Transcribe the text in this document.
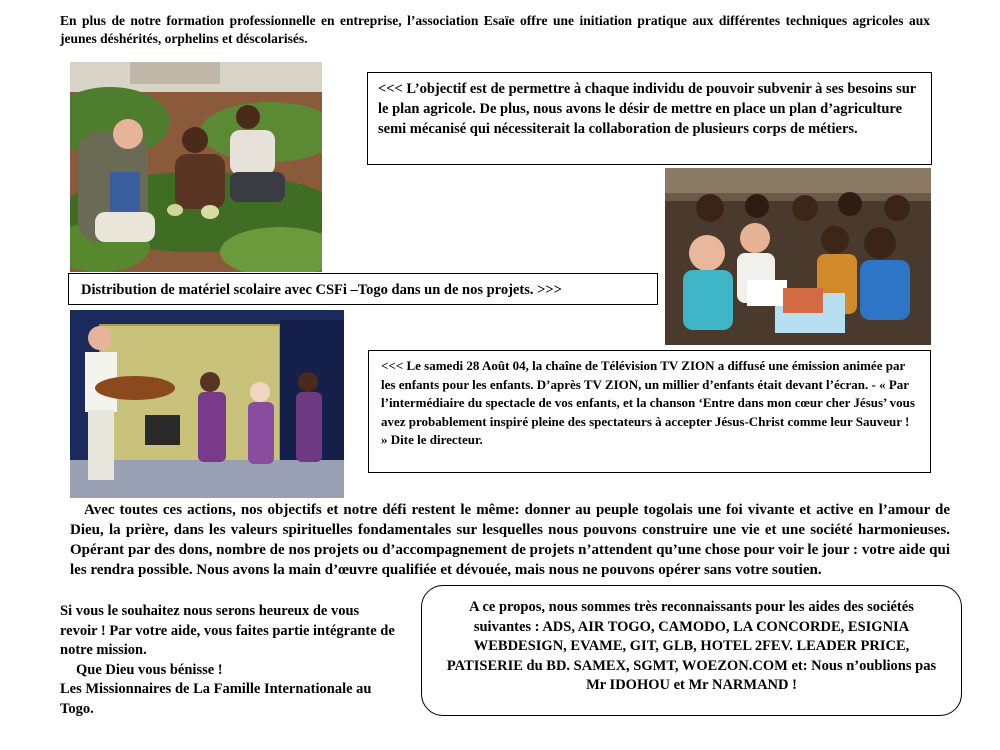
En plus de notre formation professionnelle en entreprise, l’association Esaïe offre une initiation pratique aux différentes techniques agricoles aux jeunes déshérités, orphelins et déscolarisés.
<<< L’objectif est de permettre à chaque individu de pouvoir subvenir à ses besoins sur le plan agricole. De plus, nous avons le désir de mettre en place un plan d’agriculture semi mécanisé qui nécessiterait la collaboration de plusieurs corps de métiers.
Distribution de matériel scolaire avec CSFi –Togo dans un de nos projets. >>>
<<< Le samedi 28 Août 04, la chaîne de Télévision TV ZION a diffusé une émission animée par les enfants pour les enfants. D’après TV ZION, un millier d’enfants était devant l’écran. - « Par l’intermédiaire du spectacle de vos enfants, et la chanson ‘Entre dans mon cœur cher Jésus’ vous avez probablement inspiré pleine des spectateurs à accepter Jésus-Christ comme leur Sauveur ! » Dite le directeur.
Avec toutes ces actions, nos objectifs et notre défi restent le même: donner au peuple togolais une foi vivante et active en l’amour de Dieu, la prière, dans les valeurs spirituelles fondamentales sur lesquelles nous pouvons construire une vie et une société harmonieuses. Opérant par des dons, nombre de nos projets ou d’accompagnement de projets n’attendent qu’une chose pour voir le jour : votre aide qui les rendra possible. Nous avons la main d’œuvre qualifiée et dévouée, mais nous ne pouvons opérer sans votre soutien.
Si vous le souhaitez nous serons heureux de vous revoir ! Par votre aide, vous faites partie intégrante de notre mission.
Que Dieu vous bénisse !
Les Missionnaires de La Famille Internationale au Togo.
A ce propos, nous sommes très reconnaissants pour les aides des sociétés suivantes : ADS, AIR TOGO, CAMODO, LA CONCORDE, ESIGNIA WEBDESIGN, EVAME, GIT, GLB, HOTEL 2FEV. LEADER PRICE, PATISERIE du BD. SAMEX, SGMT, WOEZON.COM et: Nous n’oublions pas Mr IDOHOU et Mr NARMAND !
